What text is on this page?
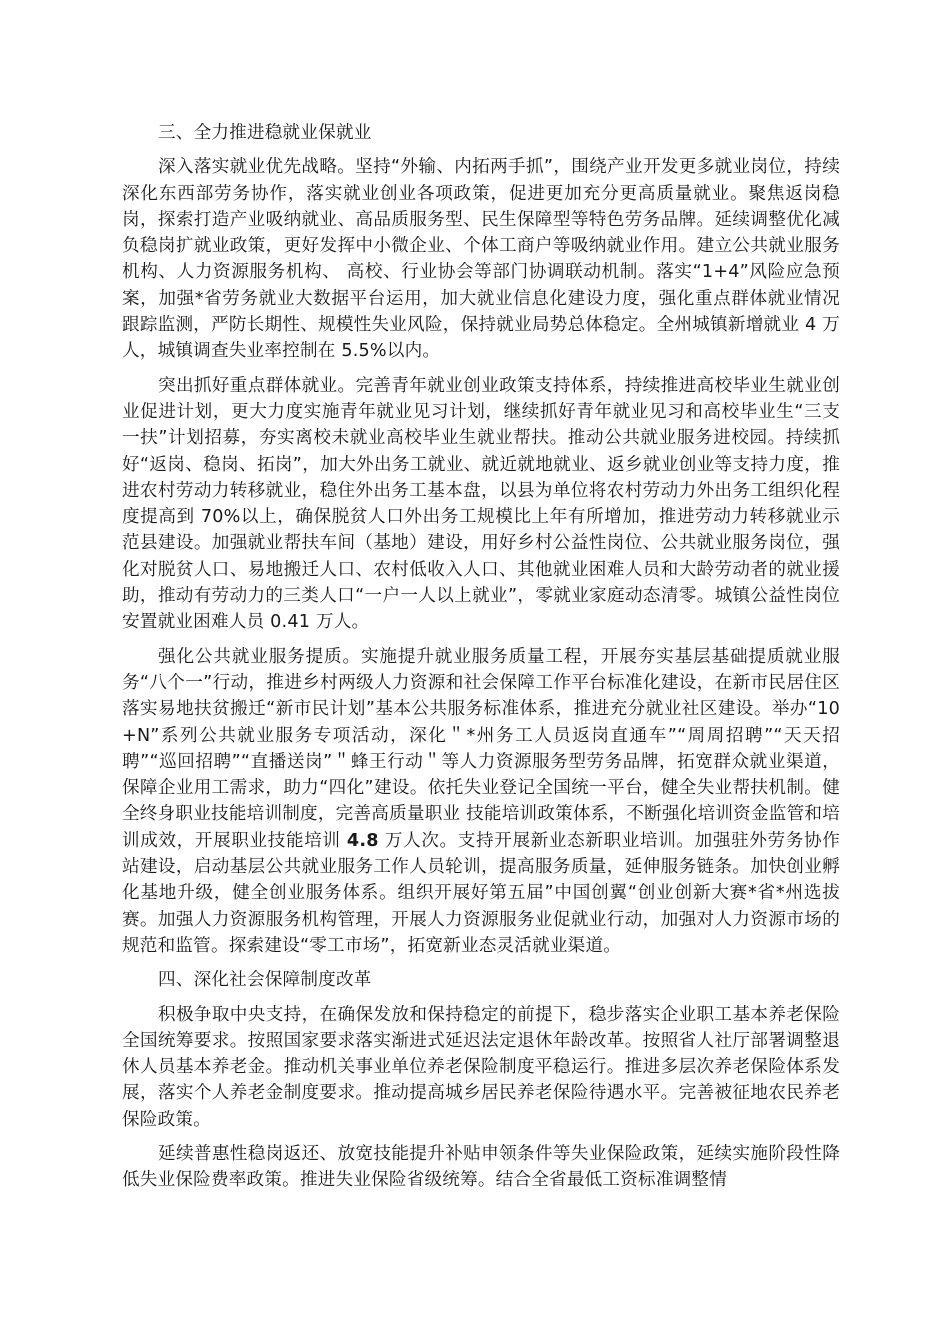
三、全力推进稳就业保就业

深入落实就业优先战略。坚持“外输、内拓两手抓”，围绕产业开发更多就业岗位，持续深化东西部劳务协作，落实就业创业各项政策，促进更加充分更高质量就业。聚焦返岗稳岗，探索打造产业吸纳就业、高品质服务型、民生保障型等特色劳务品牌。延续调整优化减负稳岗扩就业政策，更好发挥中小微企业、个体工商户等吸纳就业作用。建立公共就业服务机构、人力资源服务机构、 高校、行业协会等部门协调联动机制。落实“1+4”风险应急预案，加强*省劳务就业大数据平台运用，加大就业信息化建设力度，强化重点群体就业情况跟踪监测，严防长期性、规模性失业风险，保持就业局势总体稳定。全州城镇新增就业 4 万人，城镇调查失业率控制在 5.5%以内。

突出抓好重点群体就业。完善青年就业创业政策支持体系，持续推进高校毕业生就业创业促进计划，更大力度实施青年就业见习计划，继续抓好青年就业见习和高校毕业生“三支一扶”计划招募，夯实离校未就业高校毕业生就业帮扶。推动公共就业服务进校园。持续抓好“返岗、稳岗、拓岗”，加大外出务工就业、就近就地就业、返乡就业创业等支持力度，推进农村劳动力转移就业，稳住外出务工基本盘，以县为单位将农村劳动力外出务工组织化程度提高到 70%以上，确保脱贫人口外出务工规模比上年有所增加，推进劳动力转移就业示范县建设。加强就业帮扶车间（基地）建设，用好乡村公益性岗位、公共就业服务岗位，强化对脱贫人口、易地搬迁人口、农村低收入人口、其他就业困难人员和大龄劳动者的就业援助，推动有劳动力的三类人口“一户一人以上就业”，零就业家庭动态清零。城镇公益性岗位安置就业困难人员 0.41 万人。

强化公共就业服务提质。实施提升就业服务质量工程，开展夯实基层基础提质就业服务“八个一”行动，推进乡村两级人力资源和社会保障工作平台标准化建设，在新市民居住区落实易地扶贫搬迁“新市民计划”基本公共服务标准体系，推进充分就业社区建设。举办“10+N”系列公共就业服务专项活动，深化＂*州务工人员返岗直通车”“周周招聘”“天天招聘”“巡回招聘”“直播送岗”＂蜂王行动＂等人力资源服务型劳务品牌，拓宽群众就业渠道，保障企业用工需求，助力“四化”建设。依托失业登记全国统一平台，健全失业帮扶机制。健全终身职业技能培训制度，完善高质量职业 技能培训政策体系，不断强化培训资金监管和培训成效，开展职业技能培训 4.8 万人次。支持开展新业态新职业培训。加强驻外劳务协作站建设，启动基层公共就业服务工作人员轮训，提高服务质量，延伸服务链条。加快创业孵化基地升级，健全创业服务体系。组织开展好第五届”中国创翼“创业创新大赛*省*州选拔赛。加强人力资源服务机构管理，开展人力资源服务业促就业行动，加强对人力资源市场的规范和监管。探索建设“零工市场”，拓宽新业态灵活就业渠道。

四、深化社会保障制度改革

积极争取中央支持，在确保发放和保持稳定的前提下，稳步落实企业职工基本养老保险全国统筹要求。按照国家要求落实渐进式延迟法定退休年龄改革。按照省人社厅部署调整退休人员基本养老金。推动机关事业单位养老保险制度平稳运行。推进多层次养老保险体系发展，落实个人养老金制度要求。推动提高城乡居民养老保险待遇水平。完善被征地农民养老保险政策。

延续普惠性稳岗返还、放宽技能提升补贴申领条件等失业保险政策，延续实施阶段性降低失业保险费率政策。推进失业保险省级统筹。结合全省最低工资标准调整情
